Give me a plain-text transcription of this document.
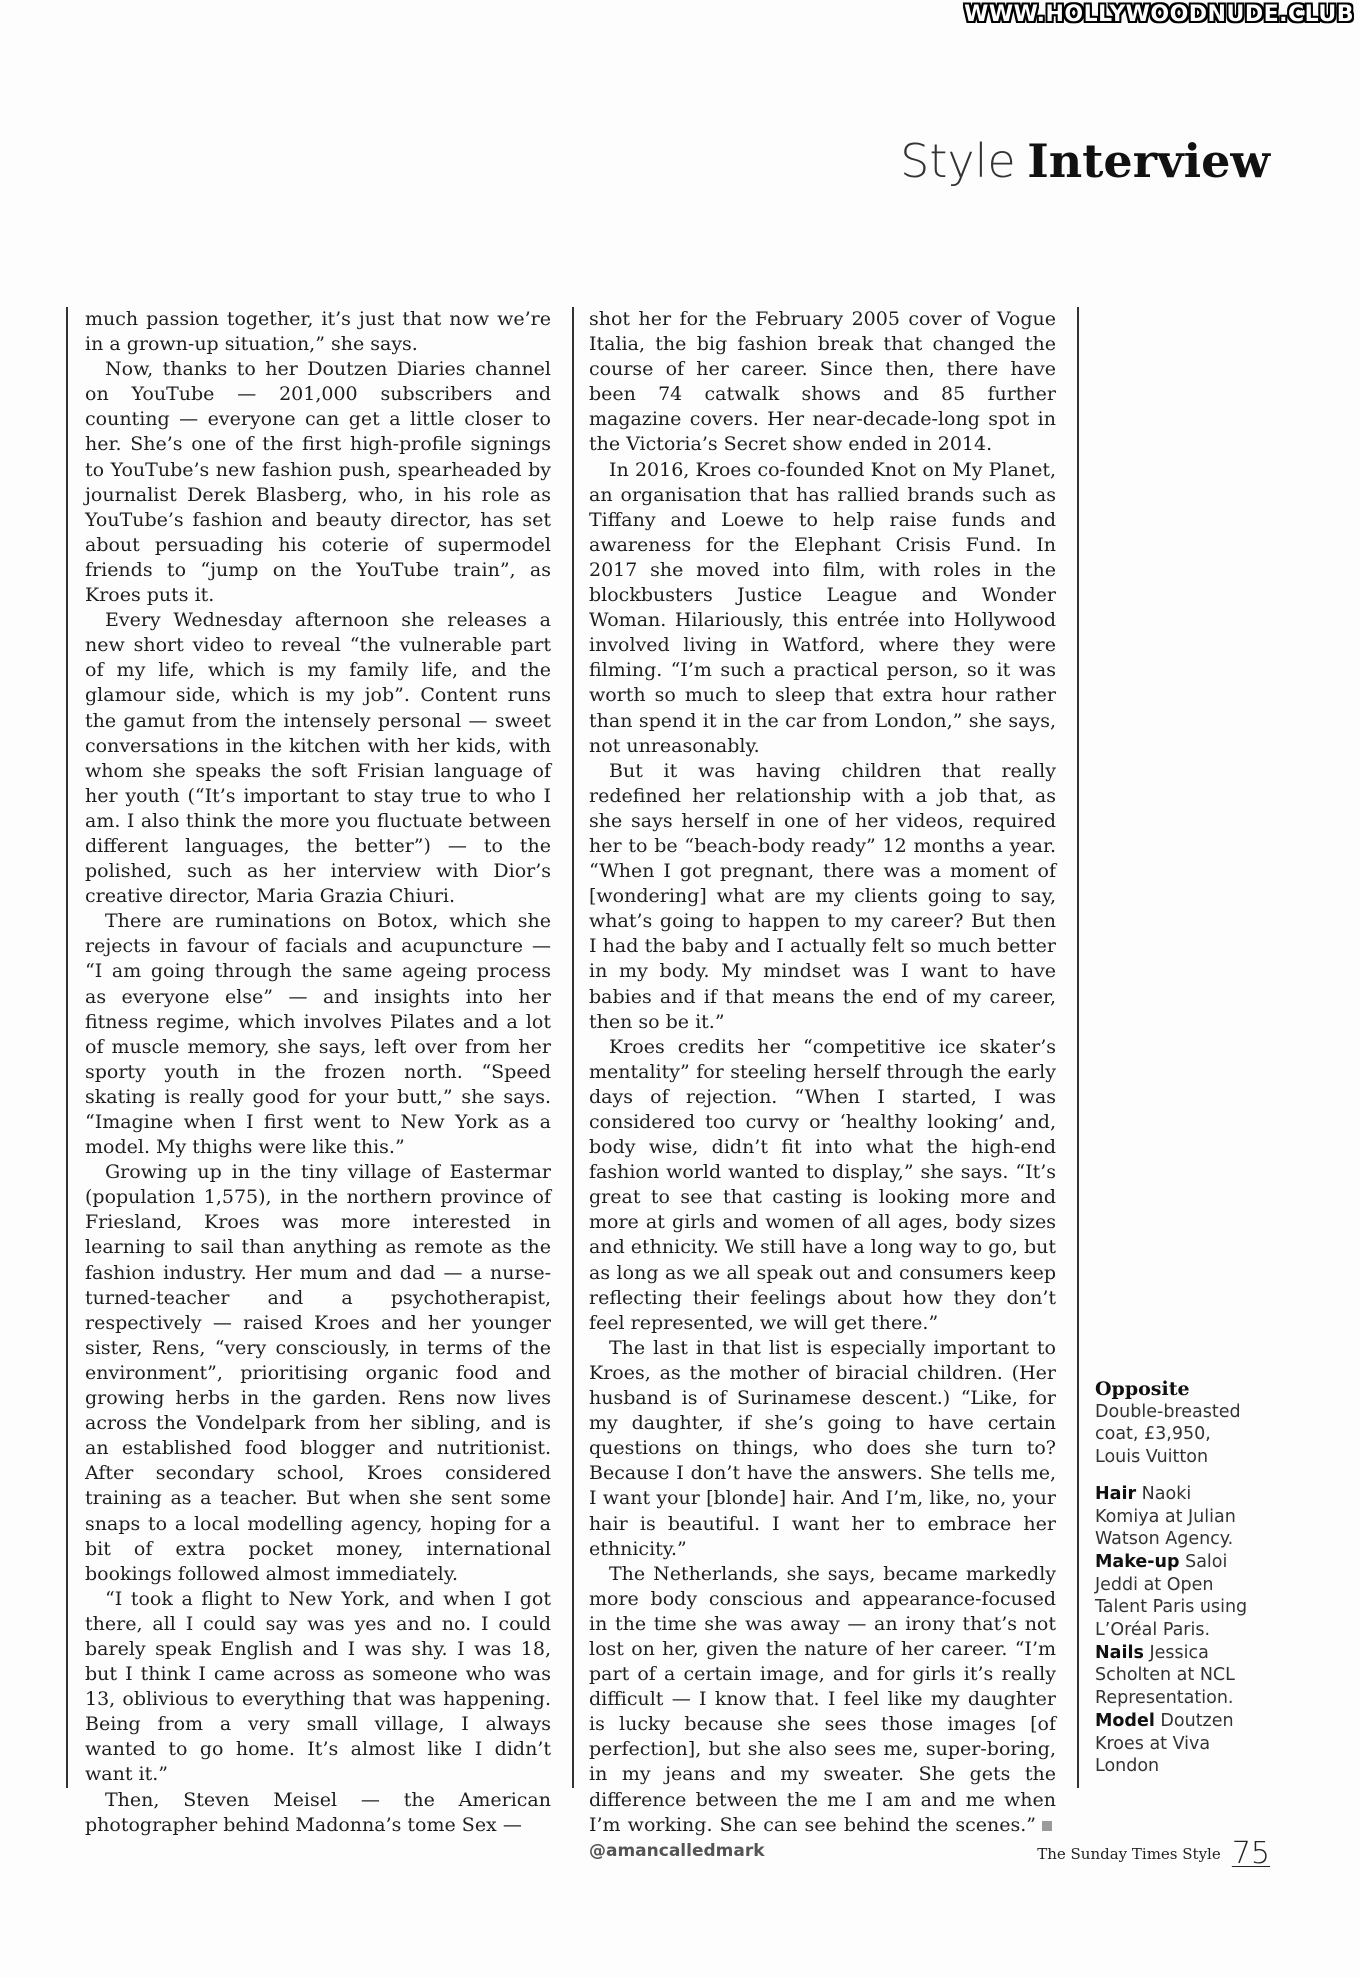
WWW.HOLLYWOODNUDE.CLUB
Style Interview

much passion together, it’s just that now we’re in a grown-up situation,” she says.

Now, thanks to her Doutzen Diaries channel on YouTube — 201,000 subscribers and counting — everyone can get a little closer to her. She’s one of the first high-profile signings to YouTube’s new fashion push, spearheaded by journalist Derek Blasberg, who, in his role as YouTube’s fashion and beauty director, has set about persuading his coterie of supermodel friends to “jump on the YouTube train”, as Kroes puts it.

Every Wednesday afternoon she releases a new short video to reveal “the vulnerable part of my life, which is my family life, and the glamour side, which is my job”. Content runs the gamut from the intensely personal — sweet conversations in the kitchen with her kids, with whom she speaks the soft Frisian language of her youth (“It’s important to stay true to who I am. I also think the more you fluctuate between different languages, the better”) — to the polished, such as her interview with Dior’s creative director, Maria Grazia Chiuri.

There are ruminations on Botox, which she rejects in favour of facials and acupuncture — “I am going through the same ageing process as everyone else” — and insights into her fitness regime, which involves Pilates and a lot of muscle memory, she says, left over from her sporty youth in the frozen north. “Speed skating is really good for your butt,” she says. “Imagine when I first went to New York as a model. My thighs were like this.”

Growing up in the tiny village of Eastermar (population 1,575), in the northern province of Friesland, Kroes was more interested in learning to sail than anything as remote as the fashion industry. Her mum and dad — a nurse-turned-teacher and a psychotherapist, respectively — raised Kroes and her younger sister, Rens, “very consciously, in terms of the environment”, prioritising organic food and growing herbs in the garden. Rens now lives across the Vondelpark from her sibling, and is an established food blogger and nutritionist. After secondary school, Kroes considered training as a teacher. But when she sent some snaps to a local modelling agency, hoping for a bit of extra pocket money, international bookings followed almost immediately.

“I took a flight to New York, and when I got there, all I could say was yes and no. I could barely speak English and I was shy. I was 18, but I think I came across as someone who was 13, oblivious to everything that was happening. Being from a very small village, I always wanted to go home. It’s almost like I didn’t want it.”

Then, Steven Meisel — the American photographer behind Madonna’s tome Sex —

shot her for the February 2005 cover of Vogue Italia, the big fashion break that changed the course of her career. Since then, there have been 74 catwalk shows and 85 further magazine covers. Her near-decade-long spot in the Victoria’s Secret show ended in 2014.

In 2016, Kroes co-founded Knot on My Planet, an organisation that has rallied brands such as Tiffany and Loewe to help raise funds and awareness for the Elephant Crisis Fund. In 2017 she moved into film, with roles in the blockbusters Justice League and Wonder Woman. Hilariously, this entrée into Hollywood involved living in Watford, where they were filming. “I’m such a practical person, so it was worth so much to sleep that extra hour rather than spend it in the car from London,” she says, not unreasonably.

But it was having children that really redefined her relationship with a job that, as she says herself in one of her videos, required her to be “beach-body ready” 12 months a year. “When I got pregnant, there was a moment of [wondering] what are my clients going to say, what’s going to happen to my career? But then I had the baby and I actually felt so much better in my body. My mindset was I want to have babies and if that means the end of my career, then so be it.”

Kroes credits her “competitive ice skater’s mentality” for steeling herself through the early days of rejection. “When I started, I was considered too curvy or ‘healthy looking’ and, body wise, didn’t fit into what the high-end fashion world wanted to display,” she says. “It’s great to see that casting is looking more and more at girls and women of all ages, body sizes and ethnicity. We still have a long way to go, but as long as we all speak out and consumers keep reflecting their feelings about how they don’t feel represented, we will get there.”

The last in that list is especially important to Kroes, as the mother of biracial children. (Her husband is of Surinamese descent.) “Like, for my daughter, if she’s going to have certain questions on things, who does she turn to? Because I don’t have the answers. She tells me, I want your [blonde] hair. And I’m, like, no, your hair is beautiful. I want her to embrace her ethnicity.”

The Netherlands, she says, became markedly more body conscious and appearance-focused in the time she was away — an irony that’s not lost on her, given the nature of her career. “I’m part of a certain image, and for girls it’s really difficult — I know that. I feel like my daughter is lucky because she sees those images [of perfection], but she also sees me, super-boring, in my jeans and my sweater. She gets the difference between the me I am and me when I’m working. She can see behind the scenes.”@amancalledmark

Opposite

Double-breasted

coat, £3,950,

Louis Vuitton

Hair Naoki

Komiya at Julian

Watson Agency.

Make-up Saloi

Jeddi at Open

Talent Paris using

L’Oréal Paris.

Nails Jessica

Scholten at NCL

Representation.

Model Doutzen

Kroes at Viva

London

The Sunday Times Style 75
